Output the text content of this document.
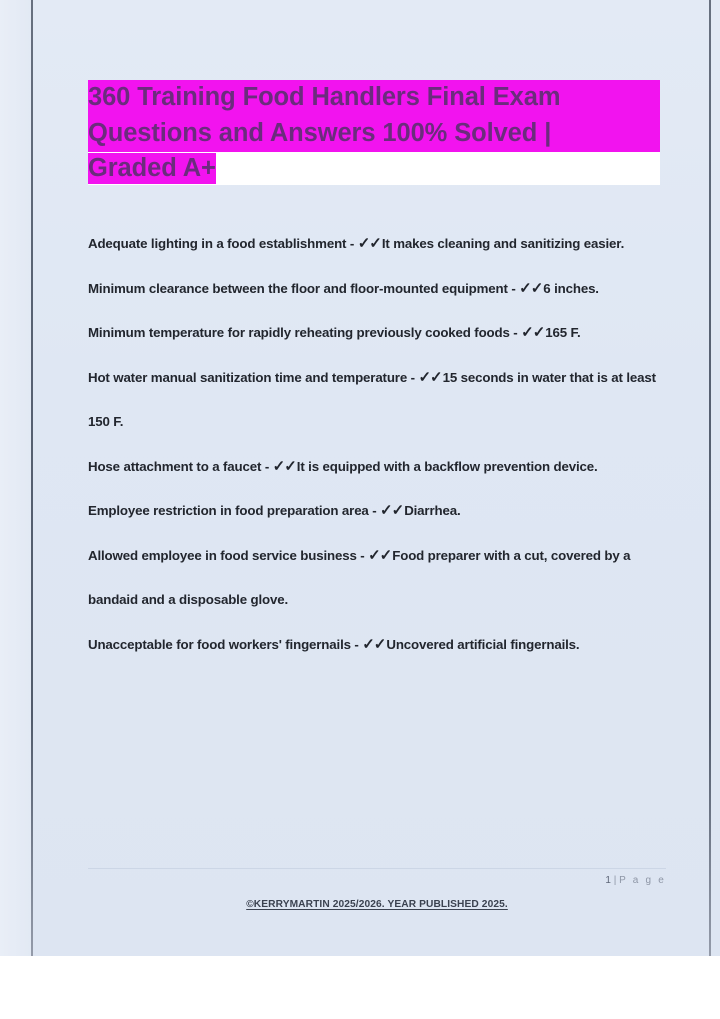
360 Training Food Handlers Final Exam
Questions and Answers 100% Solved |
Graded A+

Adequate lighting in a food establishment - ✓✓It makes cleaning and sanitizing easier.

Minimum clearance between the floor and floor-mounted equipment - ✓✓6 inches.

Minimum temperature for rapidly reheating previously cooked foods - ✓✓165 F.

Hot water manual sanitization time and temperature - ✓✓15 seconds in water that is at least 150 F.

Hose attachment to a faucet - ✓✓It is equipped with a backflow prevention device.

Employee restriction in food preparation area - ✓✓Diarrhea.

Allowed employee in food service business - ✓✓Food preparer with a cut, covered by a bandaid and a disposable glove.

Unacceptable for food workers' fingernails - ✓✓Uncovered artificial fingernails.

1 | P a g e
©KERRYMARTIN 2025/2026. YEAR PUBLISHED 2025.
